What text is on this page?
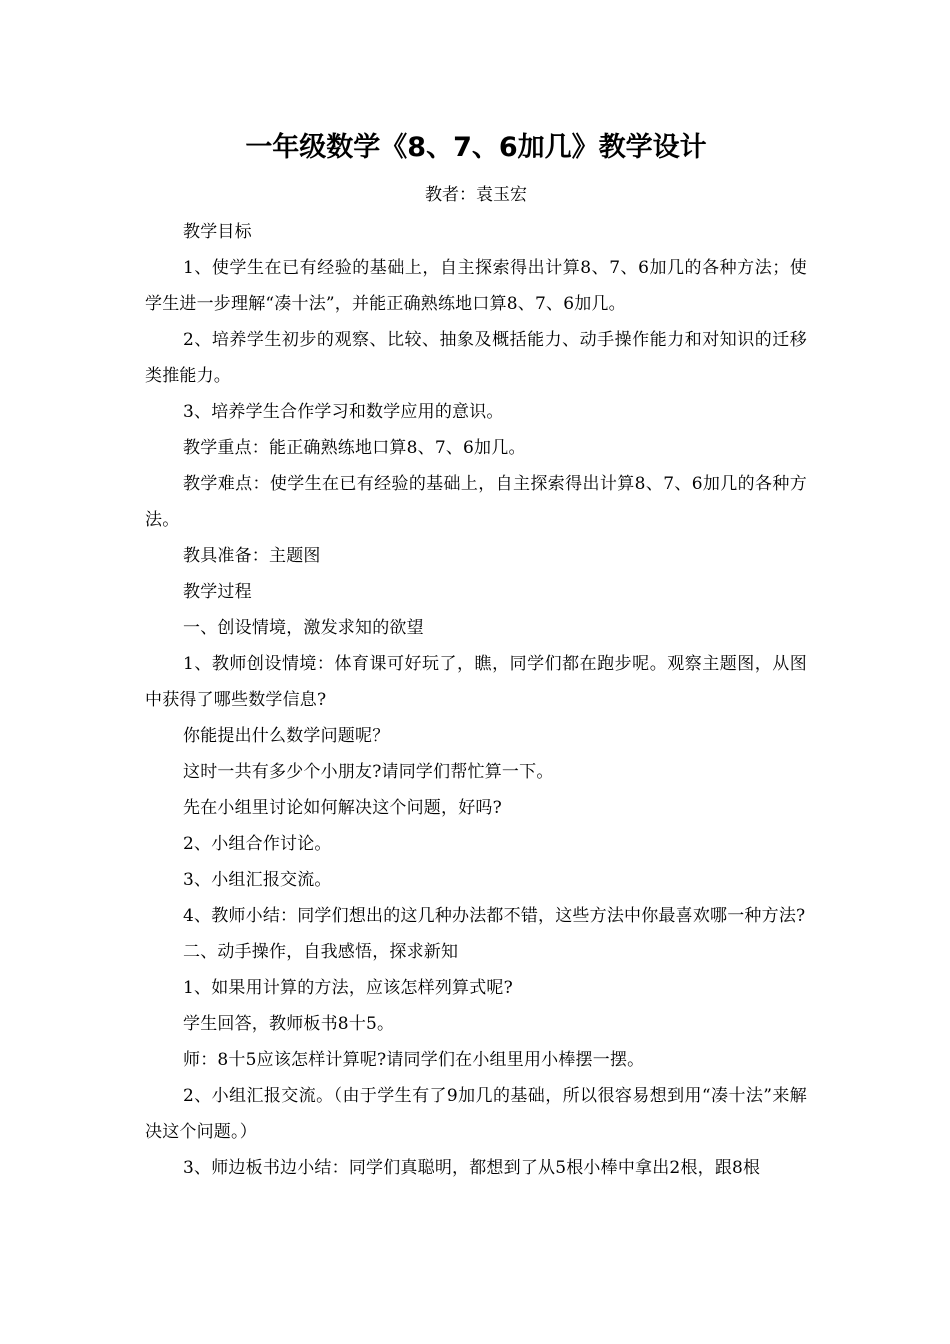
一年级数学《8、7、6加几》教学设计
教者：袁玉宏

教学目标

1、使学生在已有经验的基础上，自主探索得出计算8、7、6加几的各种方法；使学生进一步理解“凑十法”，并能正确熟练地口算8、7、6加几。

2、培养学生初步的观察、比较、抽象及概括能力、动手操作能力和对知识的迁移类推能力。

3、培养学生合作学习和数学应用的意识。

教学重点：能正确熟练地口算8、7、6加几。

教学难点：使学生在已有经验的基础上，自主探索得出计算8、7、6加几的各种方法。

教具准备：主题图

教学过程

一、创设情境，激发求知的欲望

1、教师创设情境：体育课可好玩了，瞧，同学们都在跑步呢。观察主题图，从图中获得了哪些数学信息?

你能提出什么数学问题呢？

这时一共有多少个小朋友?请同学们帮忙算一下。

先在小组里讨论如何解决这个问题，好吗?

2、小组合作讨论。

3、小组汇报交流。

4、教师小结：同学们想出的这几种办法都不错，这些方法中你最喜欢哪一种方法?

二、动手操作，自我感悟，探求新知

1、如果用计算的方法，应该怎样列算式呢?

学生回答，教师板书8十5。

师：8十5应该怎样计算呢?请同学们在小组里用小棒摆一摆。

2、小组汇报交流。（由于学生有了9加几的基础，所以很容易想到用“凑十法”来解决这个问题。）

3、师边板书边小结：同学们真聪明，都想到了从5根小棒中拿出2根，跟8根
